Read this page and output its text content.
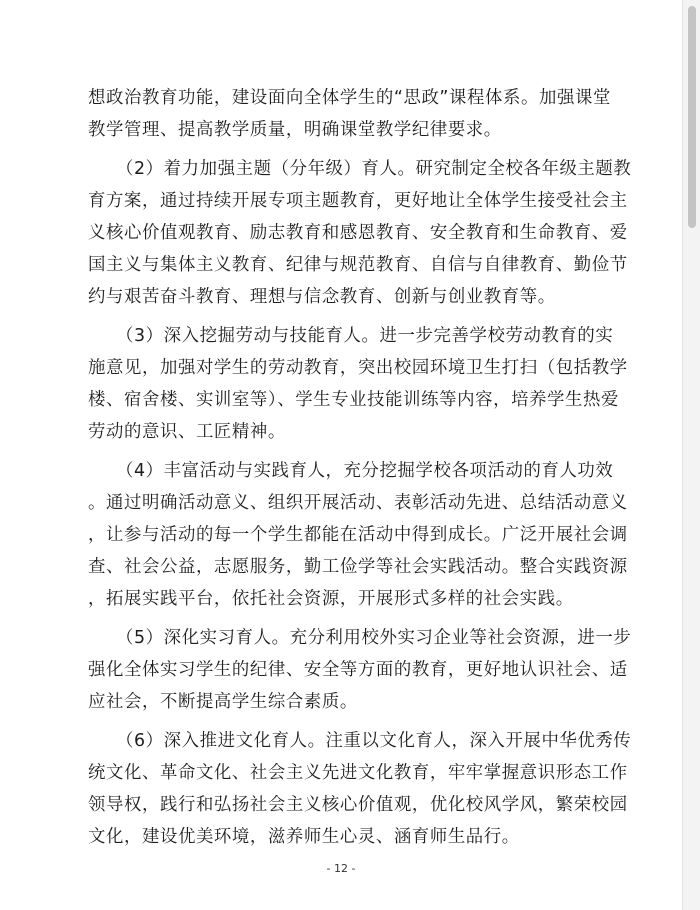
想政治教育功能，建设面向全体学生的“思政”课程体系。加强课堂
教学管理、提高教学质量，明确课堂教学纪律要求。
（2）着力加强主题（分年级）育人。研究制定全校各年级主题教
育方案，通过持续开展专项主题教育，更好地让全体学生接受社会主
义核心价值观教育、励志教育和感恩教育、安全教育和生命教育、爱
国主义与集体主义教育、纪律与规范教育、自信与自律教育、勤俭节
约与艰苦奋斗教育、理想与信念教育、创新与创业教育等。
（3）深入挖掘劳动与技能育人。进一步完善学校劳动教育的实
施意见，加强对学生的劳动教育，突出校园环境卫生打扫（包括教学
楼、宿舍楼、实训室等）、学生专业技能训练等内容，培养学生热爱
劳动的意识、工匠精神。
（4）丰富活动与实践育人，充分挖掘学校各项活动的育人功效
。通过明确活动意义、组织开展活动、表彰活动先进、总结活动意义
，让参与活动的每一个学生都能在活动中得到成长。广泛开展社会调
查、社会公益，志愿服务，勤工俭学等社会实践活动。整合实践资源
，拓展实践平台，依托社会资源，开展形式多样的社会实践。
（5）深化实习育人。充分利用校外实习企业等社会资源，进一步
强化全体实习学生的纪律、安全等方面的教育，更好地认识社会、适
应社会，不断提高学生综合素质。
（6）深入推进文化育人。注重以文化育人，深入开展中华优秀传
统文化、革命文化、社会主义先进文化教育，牢牢掌握意识形态工作
领导权，践行和弘扬社会主义核心价值观，优化校风学风，繁荣校园
文化，建设优美环境，滋养师生心灵、涵育师生品行。
- 12 -
